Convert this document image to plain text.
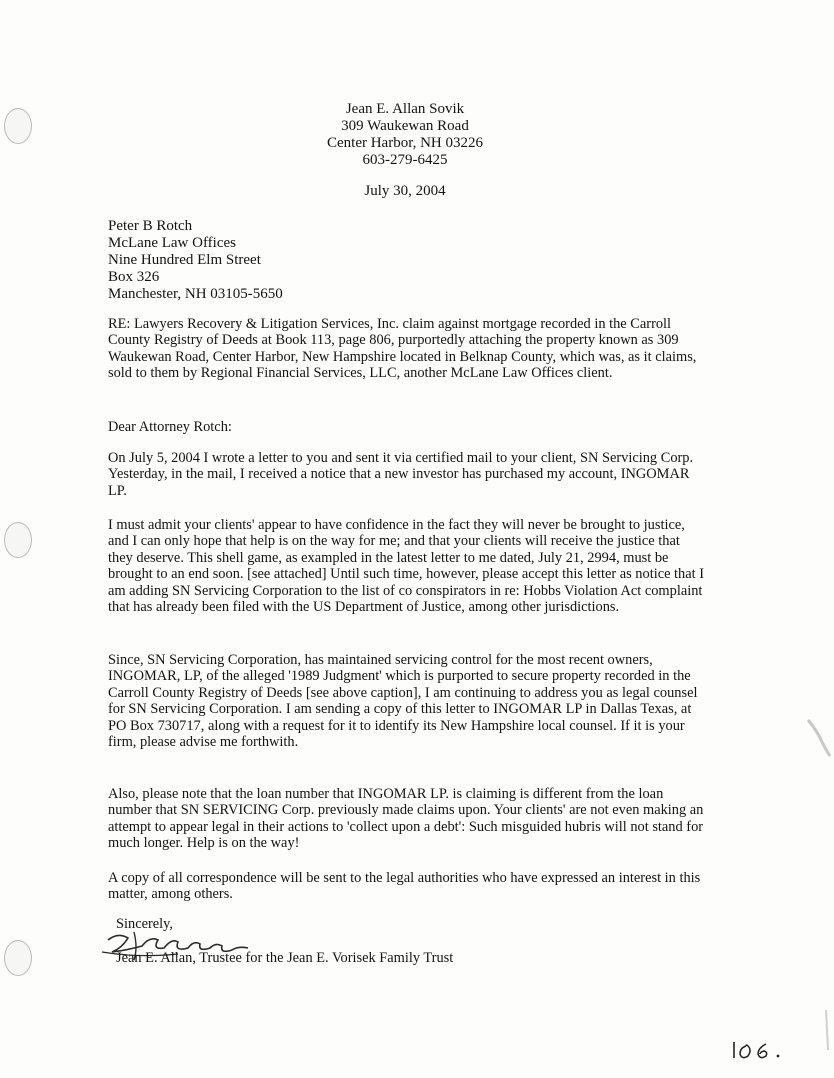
Jean E. Allan Sovik
309 Waukewan Road
Center Harbor, NH 03226
603-279-6425
July 30, 2004
Peter B Rotch
McLane Law Offices
Nine Hundred Elm Street
Box 326
Manchester, NH 03105-5650
RE: Lawyers Recovery & Litigation Services, Inc. claim against mortgage recorded in the Carroll County Registry of Deeds at Book 113, page 806, purportedly attaching the property known as 309 Waukewan Road, Center Harbor, New Hampshire located in Belknap County, which was, as it claims, sold to them by Regional Financial Services, LLC, another McLane Law Offices client.
Dear Attorney Rotch:
On July 5, 2004 I wrote a letter to you and sent it via certified mail to your client, SN Servicing Corp. Yesterday, in the mail, I received a notice that a new investor has purchased my account, INGOMAR LP.
I must admit your clients' appear to have confidence in the fact they will never be brought to justice, and I can only hope that help is on the way for me; and that your clients will receive the justice that they deserve. This shell game, as exampled in the latest letter to me dated, July 21, 2994, must be brought to an end soon. [see attached] Until such time, however, please accept this letter as notice that I am adding SN Servicing Corporation to the list of co conspirators in re: Hobbs Violation Act complaint that has already been filed with the US Department of Justice, among other jurisdictions.
Since, SN Servicing Corporation, has maintained servicing control for the most recent owners, INGOMAR, LP, of the alleged '1989 Judgment' which is purported to secure property recorded in the Carroll County Registry of Deeds [see above caption], I am continuing to address you as legal counsel for SN Servicing Corporation. I am sending a copy of this letter to INGOMAR LP in Dallas Texas, at PO Box 730717, along with a request for it to identify its New Hampshire local counsel. If it is your firm, please advise me forthwith.
Also, please note that the loan number that INGOMAR LP. is claiming is different from the loan number that SN SERVICING Corp. previously made claims upon. Your clients' are not even making an attempt to appear legal in their actions to 'collect upon a debt': Such misguided hubris will not stand for much longer. Help is on the way!
A copy of all correspondence will be sent to the legal authorities who have expressed an interest in this matter, among others.
Sincerely,
Jean E. Allan, Trustee for the Jean E. Vorisek Family Trust
